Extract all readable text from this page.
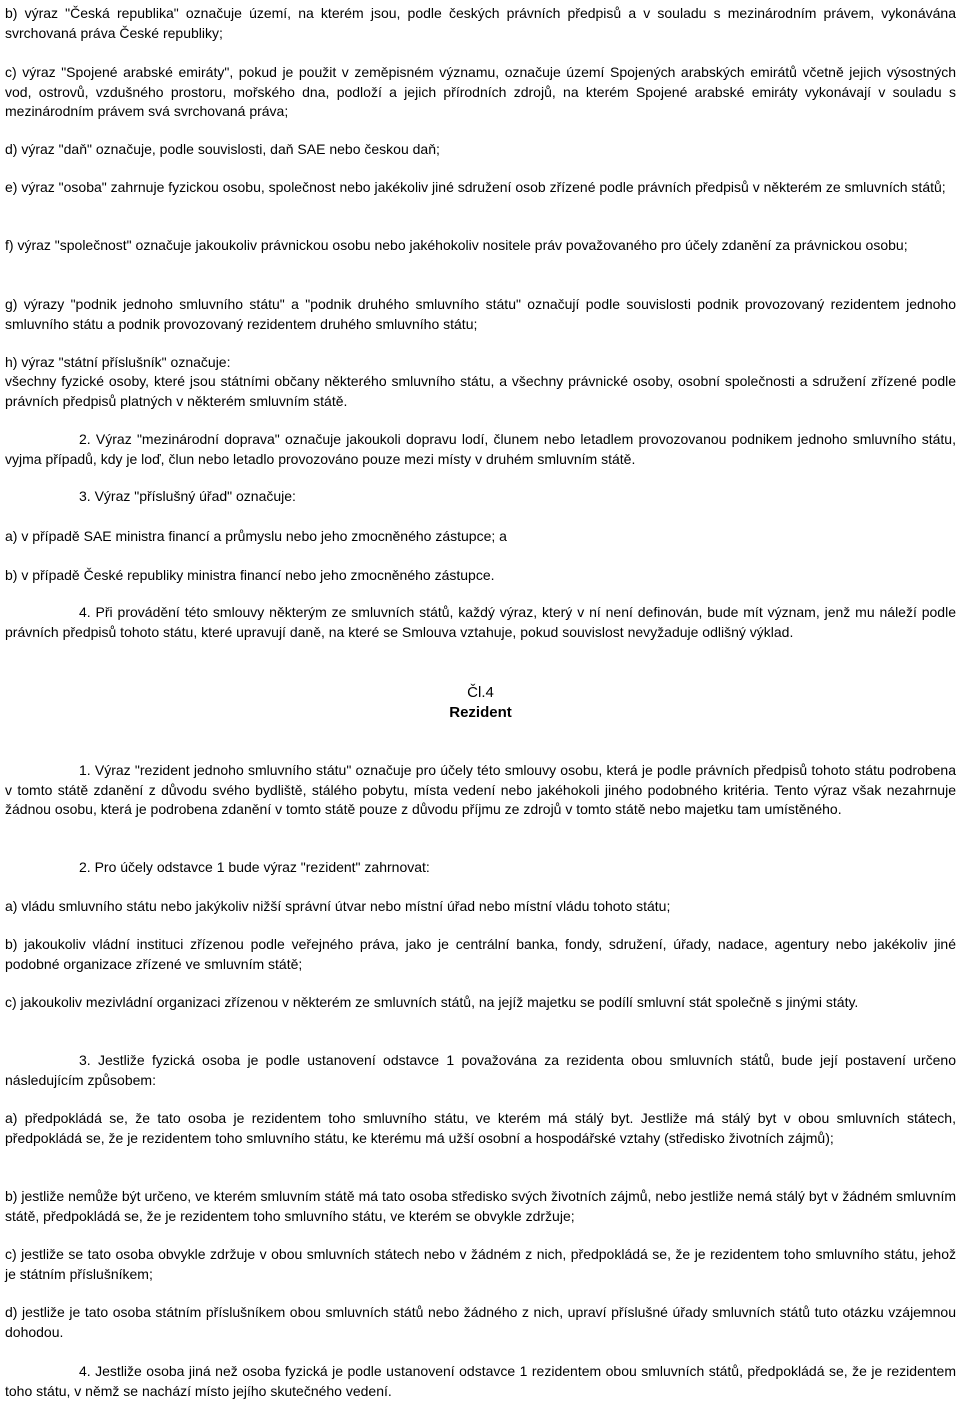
b) výraz "Česká republika" označuje území, na kterém jsou, podle českých právních předpisů a v souladu s mezinárodním právem, vykonávána svrchovaná práva České republiky;

c) výraz "Spojené arabské emiráty", pokud je použit v zeměpisném významu, označuje území Spojených arabských emirátů včetně jejich výsostných vod, ostrovů, vzdušného prostoru, mořského dna, podloží a jejich přírodních zdrojů, na kterém Spojené arabské emiráty vykonávají v souladu s mezinárodním právem svá svrchovaná práva;

d) výraz "daň" označuje, podle souvislosti, daň SAE nebo českou daň;

e) výraz "osoba" zahrnuje fyzickou osobu, společnost nebo jakékoliv jiné sdružení osob zřízené podle právních předpisů v některém ze smluvních států;

f) výraz "společnost" označuje jakoukoliv právnickou osobu nebo jakéhokoliv nositele práv považovaného pro účely zdanění za právnickou osobu;

g) výrazy "podnik jednoho smluvního státu" a "podnik druhého smluvního státu" označují podle souvislosti podnik provozovaný rezidentem jednoho smluvního státu a podnik provozovaný rezidentem druhého smluvního státu;

h) výraz "státní příslušník" označuje:

všechny fyzické osoby, které jsou státními občany některého smluvního státu, a všechny právnické osoby, osobní společnosti a sdružení zřízené podle právních předpisů platných v některém smluvním státě.

2. Výraz "mezinárodní doprava" označuje jakoukoli dopravu lodí, člunem nebo letadlem provozovanou podnikem jednoho smluvního státu, vyjma případů, kdy je loď, člun nebo letadlo provozováno pouze mezi místy v druhém smluvním státě.

3. Výraz "příslušný úřad" označuje:

a) v případě SAE ministra financí a průmyslu nebo jeho zmocněného zástupce; a

b) v případě České republiky ministra financí nebo jeho zmocněného zástupce.

4. Při provádění této smlouvy některým ze smluvních států, každý výraz, který v ní není definován, bude mít význam, jenž mu náleží podle právních předpisů tohoto státu, které upravují daně, na které se Smlouva vztahuje, pokud souvislost nevyžaduje odlišný výklad.

Čl.4

Rezident

1. Výraz "rezident jednoho smluvního státu" označuje pro účely této smlouvy osobu, která je podle právních předpisů tohoto státu podrobena v tomto státě zdanění z důvodu svého bydliště, stálého pobytu, místa vedení nebo jakéhokoli jiného podobného kritéria. Tento výraz však nezahrnuje žádnou osobu, která je podrobena zdanění v tomto státě pouze z důvodu příjmu ze zdrojů v tomto státě nebo majetku tam umístěného.

2. Pro účely odstavce 1 bude výraz "rezident" zahrnovat:

a) vládu smluvního státu nebo jakýkoliv nižší správní útvar nebo místní úřad nebo místní vládu tohoto státu;

b) jakoukoliv vládní instituci zřízenou podle veřejného práva, jako je centrální banka, fondy, sdružení, úřady, nadace, agentury nebo jakékoliv jiné podobné organizace zřízené ve smluvním státě;

c) jakoukoliv mezivládní organizaci zřízenou v některém ze smluvních států, na jejíž majetku se podílí smluvní stát společně s jinými státy.

3. Jestliže fyzická osoba je podle ustanovení odstavce 1 považována za rezidenta obou smluvních států, bude její postavení určeno následujícím způsobem:

a) předpokládá se, že tato osoba je rezidentem toho smluvního státu, ve kterém má stálý byt. Jestliže má stálý byt v obou smluvních státech, předpokládá se, že je rezidentem toho smluvního státu, ke kterému má užší osobní a hospodářské vztahy (středisko životních zájmů);

b) jestliže nemůže být určeno, ve kterém smluvním státě má tato osoba středisko svých životních zájmů, nebo jestliže nemá stálý byt v žádném smluvním státě, předpokládá se, že je rezidentem toho smluvního státu, ve kterém se obvykle zdržuje;

c) jestliže se tato osoba obvykle zdržuje v obou smluvních státech nebo v žádném z nich, předpokládá se, že je rezidentem toho smluvního státu, jehož je státním příslušníkem;

d) jestliže je tato osoba státním příslušníkem obou smluvních států nebo žádného z nich, upraví příslušné úřady smluvních států tuto otázku vzájemnou dohodou.

4. Jestliže osoba jiná než osoba fyzická je podle ustanovení odstavce 1 rezidentem obou smluvních států, předpokládá se, že je rezidentem toho státu, v němž se nachází místo jejího skutečného vedení.
